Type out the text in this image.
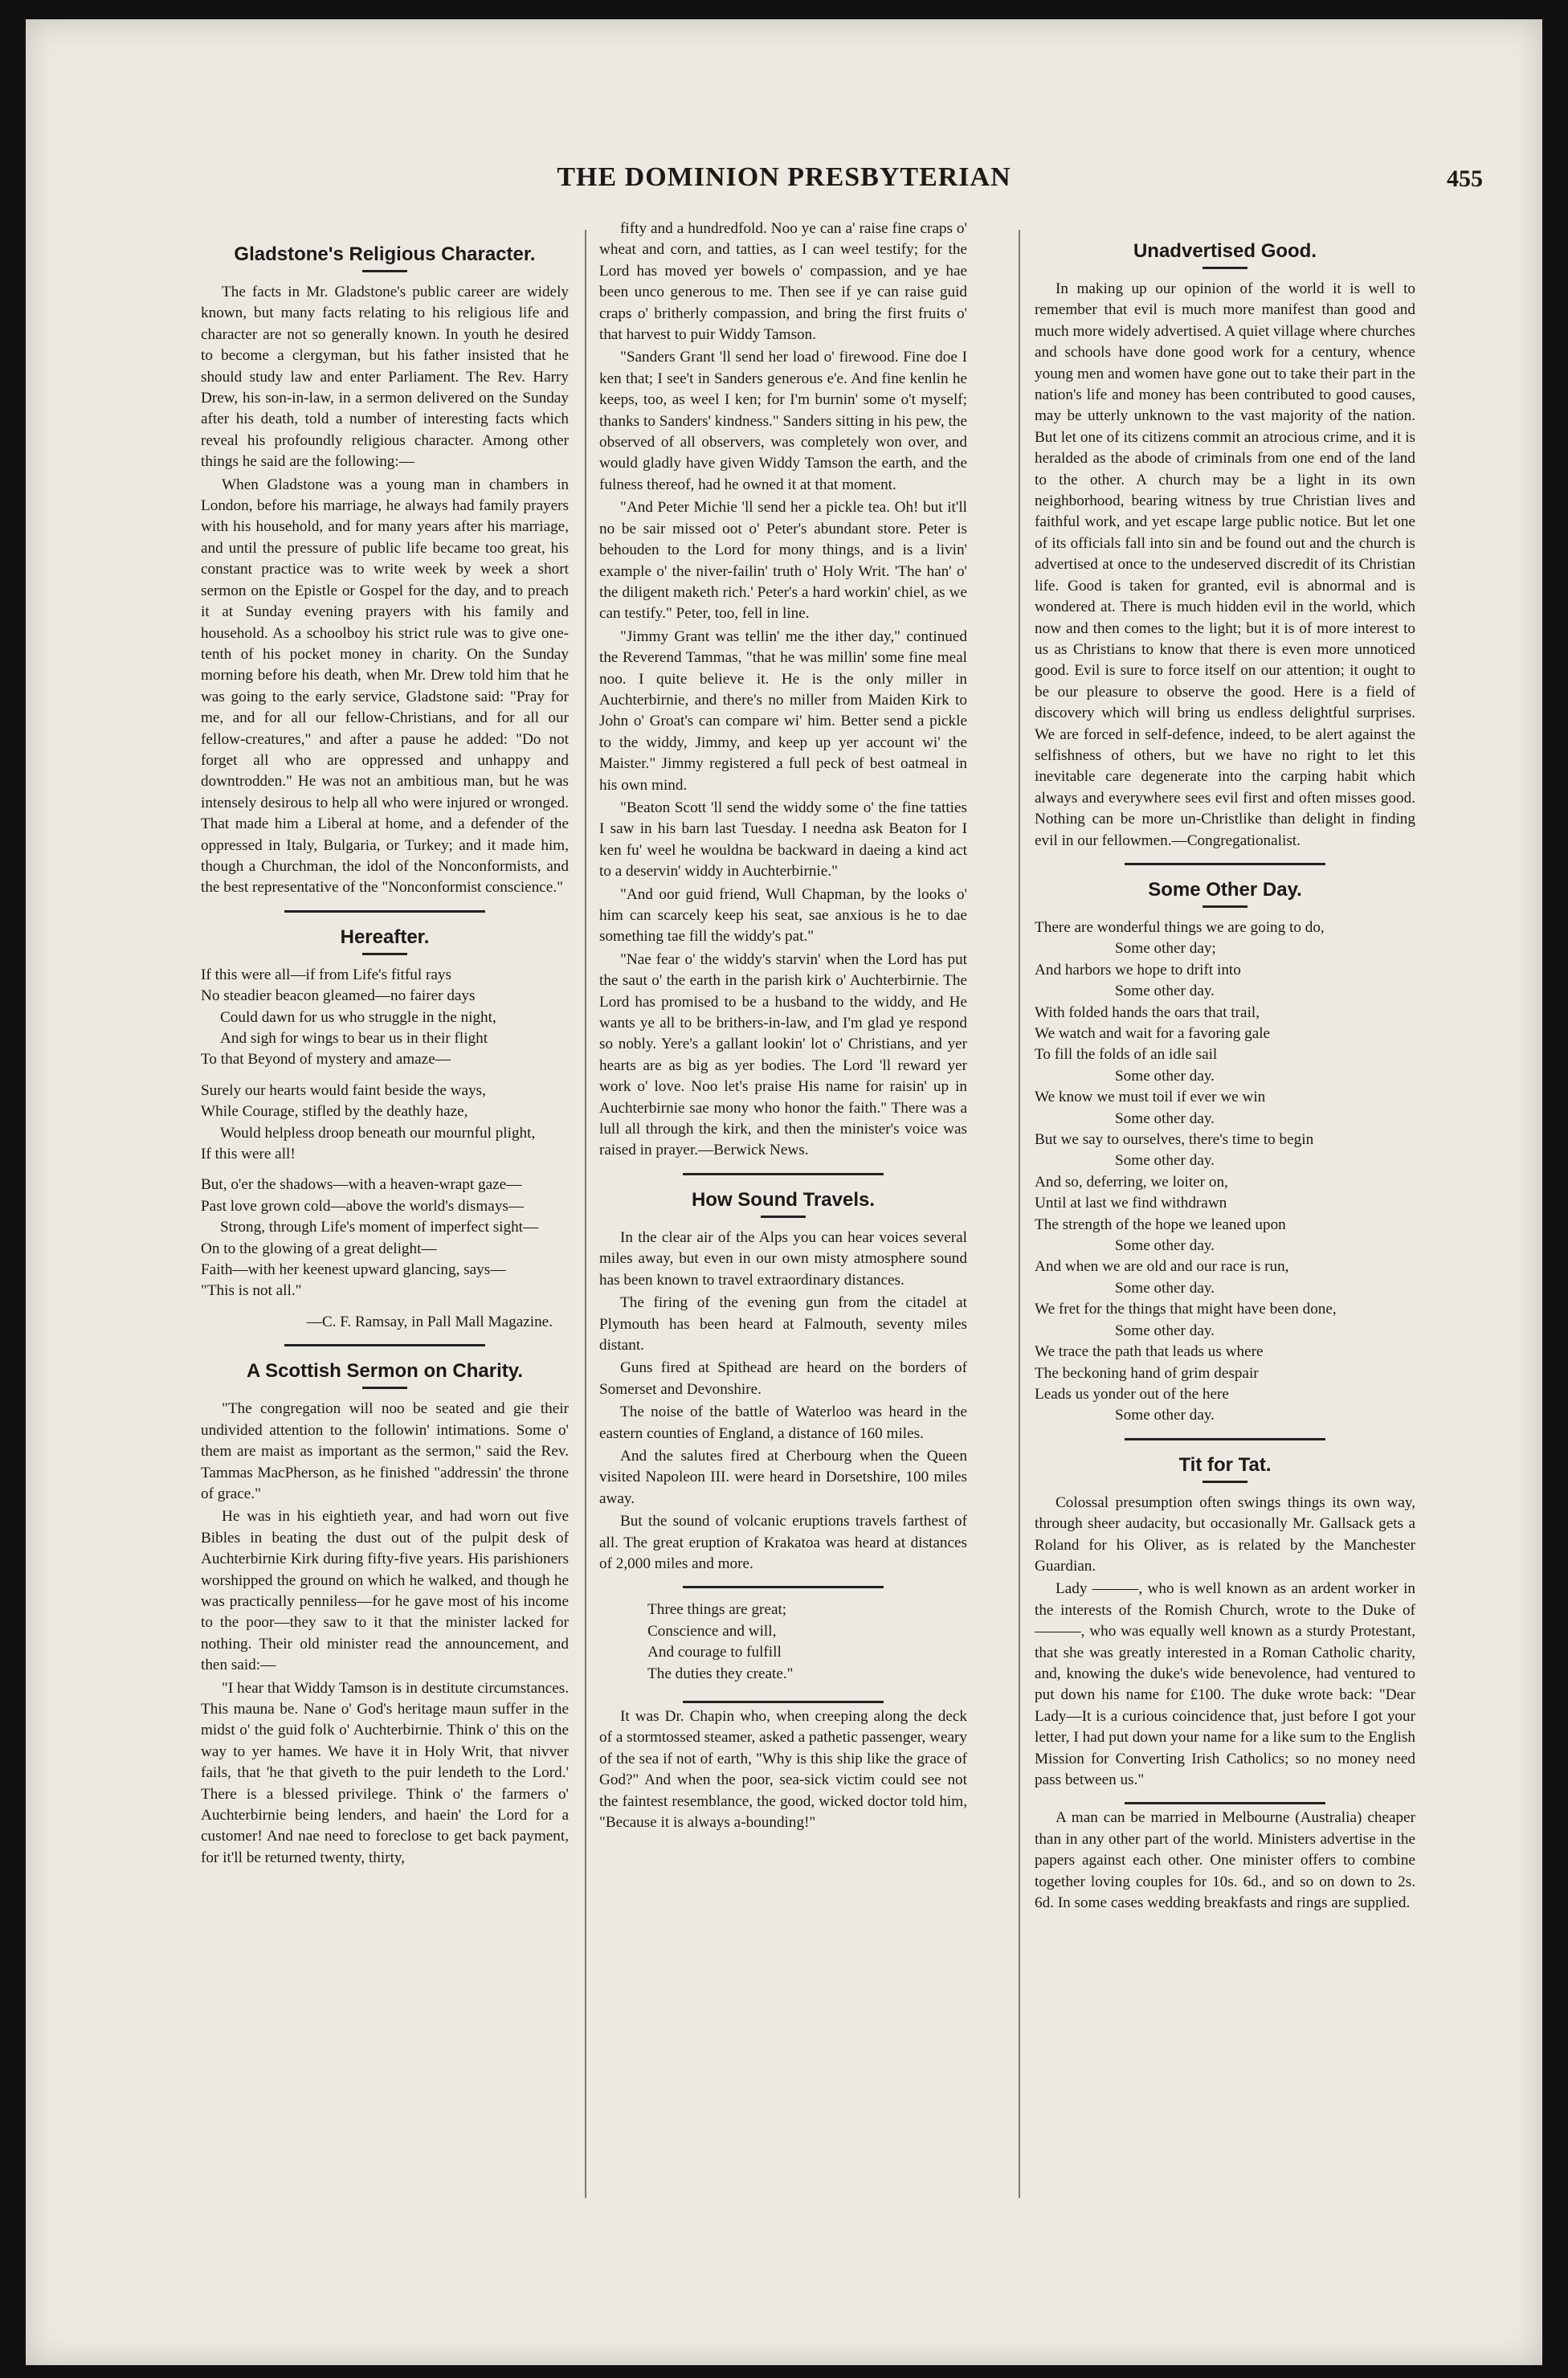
THE DOMINION PRESBYTERIAN	455
Gladstone's Religious Character.

The facts in Mr. Gladstone's public career are widely known, but many facts relating to his religious life and character are not so generally known. In youth he desired to become a clergyman, but his father insisted that he should study law and enter Parliament. The Rev. Harry Drew, his son-in-law, in a sermon delivered on the Sunday after his death, told a number of interesting facts which reveal his profoundly religious character. Among other things he said are the following:—

When Gladstone was a young man in chambers in London, before his marriage, he always had family prayers with his household, and for many years after his marriage, and until the pressure of public life became too great, his constant practice was to write week by week a short sermon on the Epistle or Gospel for the day, and to preach it at Sunday evening prayers with his family and household. As a schoolboy his strict rule was to give one-tenth of his pocket money in charity. On the Sunday morning before his death, when Mr. Drew told him that he was going to the early service, Gladstone said: "Pray for me, and for all our fellow-Christians, and for all our fellow-creatures," and after a pause he added: "Do not forget all who are oppressed and unhappy and downtrodden." He was not an ambitious man, but he was intensely desirous to help all who were injured or wronged. That made him a Liberal at home, and a defender of the oppressed in Italy, Bulgaria, or Turkey; and it made him, though a Churchman, the idol of the Nonconformists, and the best representative of the "Nonconformist conscience."

Hereafter.
If this were all—if from Life's fitful rays
No steadier beacon gleamed—no fairer days
Could dawn for us who struggle in the night,
And sigh for wings to bear us in their flight
To that Beyond of mystery and amaze—
Surely our hearts would faint beside the ways,
While Courage, stifled by the deathly haze,
Would helpless droop beneath our mournful plight,
If this were all!
But, o'er the shadows—with a heaven-wrapt gaze—
Past love grown cold—above the world's dismays—
Strong, through Life's moment of imperfect sight—
On to the glowing of a great delight—
Faith—with her keenest upward glancing, says—
"This is not all."

—C. F. Ramsay, in Pall Mall Magazine.

A Scottish Sermon on Charity.

"The congregation will noo be seated and gie their undivided attention to the followin' intimations. Some o' them are maist as important as the sermon," said the Rev. Tammas MacPherson, as he finished "addressin' the throne of grace."

He was in his eightieth year, and had worn out five Bibles in beating the dust out of the pulpit desk of Auchterbirnie Kirk during fifty-five years. His parishioners worshipped the ground on which he walked, and though he was practically penniless—for he gave most of his income to the poor—they saw to it that the minister lacked for nothing. Their old minister read the announcement, and then said:—

"I hear that Widdy Tamson is in destitute circumstances. This mauna be. Nane o' God's heritage maun suffer in the midst o' the guid folk o' Auchterbirnie. Think o' this on the way to yer hames. We have it in Holy Writ, that nivver fails, that 'he that giveth to the puir lendeth to the Lord.' There is a blessed privilege. Think o' the farmers o' Auchterbirnie being lenders, and haein' the Lord for a customer! And nae need to foreclose to get back payment, for it'll be returned twenty, thirty,

fifty and a hundredfold. Noo ye can a' raise fine craps o' wheat and corn, and tatties, as I can weel testify; for the Lord has moved yer bowels o' compassion, and ye hae been unco generous to me. Then see if ye can raise guid craps o' britherly compassion, and bring the first fruits o' that harvest to puir Widdy Tamson.

"Sanders Grant 'll send her load o' firewood. Fine doe I ken that; I see't in Sanders generous e'e. And fine kenlin he keeps, too, as weel I ken; for I'm burnin' some o't myself; thanks to Sanders' kindness." Sanders sitting in his pew, the observed of all observers, was completely won over, and would gladly have given Widdy Tamson the earth, and the fulness thereof, had he owned it at that moment.

"And Peter Michie 'll send her a pickle tea. Oh! but it'll no be sair missed oot o' Peter's abundant store. Peter is behouden to the Lord for mony things, and is a livin' example o' the niver-failin' truth o' Holy Writ. 'The han' o' the diligent maketh rich.' Peter's a hard workin' chiel, as we can testify." Peter, too, fell in line.

"Jimmy Grant was tellin' me the ither day," continued the Reverend Tammas, "that he was millin' some fine meal noo. I quite believe it. He is the only miller in Auchterbirnie, and there's no miller from Maiden Kirk to John o' Groat's can compare wi' him. Better send a pickle to the widdy, Jimmy, and keep up yer account wi' the Maister." Jimmy registered a full peck of best oatmeal in his own mind.

"Beaton Scott 'll send the widdy some o' the fine tatties I saw in his barn last Tuesday. I needna ask Beaton for I ken fu' weel he wouldna be backward in daeing a kind act to a deservin' widdy in Auchterbirnie."

"And oor guid friend, Wull Chapman, by the looks o' him can scarcely keep his seat, sae anxious is he to dae something tae fill the widdy's pat."

"Nae fear o' the widdy's starvin' when the Lord has put the saut o' the earth in the parish kirk o' Auchterbirnie. The Lord has promised to be a husband to the widdy, and He wants ye all to be brithers-in-law, and I'm glad ye respond so nobly. Yere's a gallant lookin' lot o' Christians, and yer hearts are as big as yer bodies. The Lord 'll reward yer work o' love. Noo let's praise His name for raisin' up in Auchterbirnie sae mony who honor the faith." There was a lull all through the kirk, and then the minister's voice was raised in prayer.—Berwick News.

How Sound Travels.

In the clear air of the Alps you can hear voices several miles away, but even in our own misty atmosphere sound has been known to travel extraordinary distances.

The firing of the evening gun from the citadel at Plymouth has been heard at Falmouth, seventy miles distant.

Guns fired at Spithead are heard on the borders of Somerset and Devonshire.

The noise of the battle of Waterloo was heard in the eastern counties of England, a distance of 160 miles.

And the salutes fired at Cherbourg when the Queen visited Napoleon III. were heard in Dorsetshire, 100 miles away.

But the sound of volcanic eruptions travels farthest of all. The great eruption of Krakatoa was heard at distances of 2,000 miles and more.

Three things are great;
Conscience and will,
And courage to fulfill
The duties they create."

It was Dr. Chapin who, when creeping along the deck of a stormtossed steamer, asked a pathetic passenger, weary of the sea if not of earth, "Why is this ship like the grace of God?" And when the poor, sea-sick victim could see not the faintest resemblance, the good, wicked doctor told him, "Because it is always a-bounding!"

Unadvertised Good.

In making up our opinion of the world it is well to remember that evil is much more manifest than good and much more widely advertised. A quiet village where churches and schools have done good work for a century, whence young men and women have gone out to take their part in the nation's life and money has been contributed to good causes, may be utterly unknown to the vast majority of the nation. But let one of its citizens commit an atrocious crime, and it is heralded as the abode of criminals from one end of the land to the other. A church may be a light in its own neighborhood, bearing witness by true Christian lives and faithful work, and yet escape large public notice. But let one of its officials fall into sin and be found out and the church is advertised at once to the undeserved discredit of its Christian life. Good is taken for granted, evil is abnormal and is wondered at. There is much hidden evil in the world, which now and then comes to the light; but it is of more interest to us as Christians to know that there is even more unnoticed good. Evil is sure to force itself on our attention; it ought to be our pleasure to observe the good. Here is a field of discovery which will bring us endless delightful surprises. We are forced in self-defence, indeed, to be alert against the selfishness of others, but we have no right to let this inevitable care degenerate into the carping habit which always and everywhere sees evil first and often misses good. Nothing can be more un-Christlike than delight in finding evil in our fellowmen.—Congregationalist.

Some Other Day.
There are wonderful things we are going to do,
Some other day;
And harbors we hope to drift into
Some other day.
With folded hands the oars that trail,
We watch and wait for a favoring gale
To fill the folds of an idle sail
Some other day.
We know we must toil if ever we win
Some other day.
But we say to ourselves, there's time to begin
Some other day.
And so, deferring, we loiter on,
Until at last we find withdrawn
The strength of the hope we leaned upon
Some other day.
And when we are old and our race is run,
Some other day.
We fret for the things that might have been done,
Some other day.
We trace the path that leads us where
The beckoning hand of grim despair
Leads us yonder out of the here
Some other day.
Tit for Tat.

Colossal presumption often swings things its own way, through sheer audacity, but occasionally Mr. Gallsack gets a Roland for his Oliver, as is related by the Manchester Guardian.

Lady ———, who is well known as an ardent worker in the interests of the Romish Church, wrote to the Duke of ———, who was equally well known as a sturdy Protestant, that she was greatly interested in a Roman Catholic charity, and, knowing the duke's wide benevolence, had ventured to put down his name for £100. The duke wrote back: "Dear Lady—It is a curious coincidence that, just before I got your letter, I had put down your name for a like sum to the English Mission for Converting Irish Catholics; so no money need pass between us."

A man can be married in Melbourne (Australia) cheaper than in any other part of the world. Ministers advertise in the papers against each other. One minister offers to combine together loving couples for 10s. 6d., and so on down to 2s. 6d. In some cases wedding breakfasts and rings are supplied.
